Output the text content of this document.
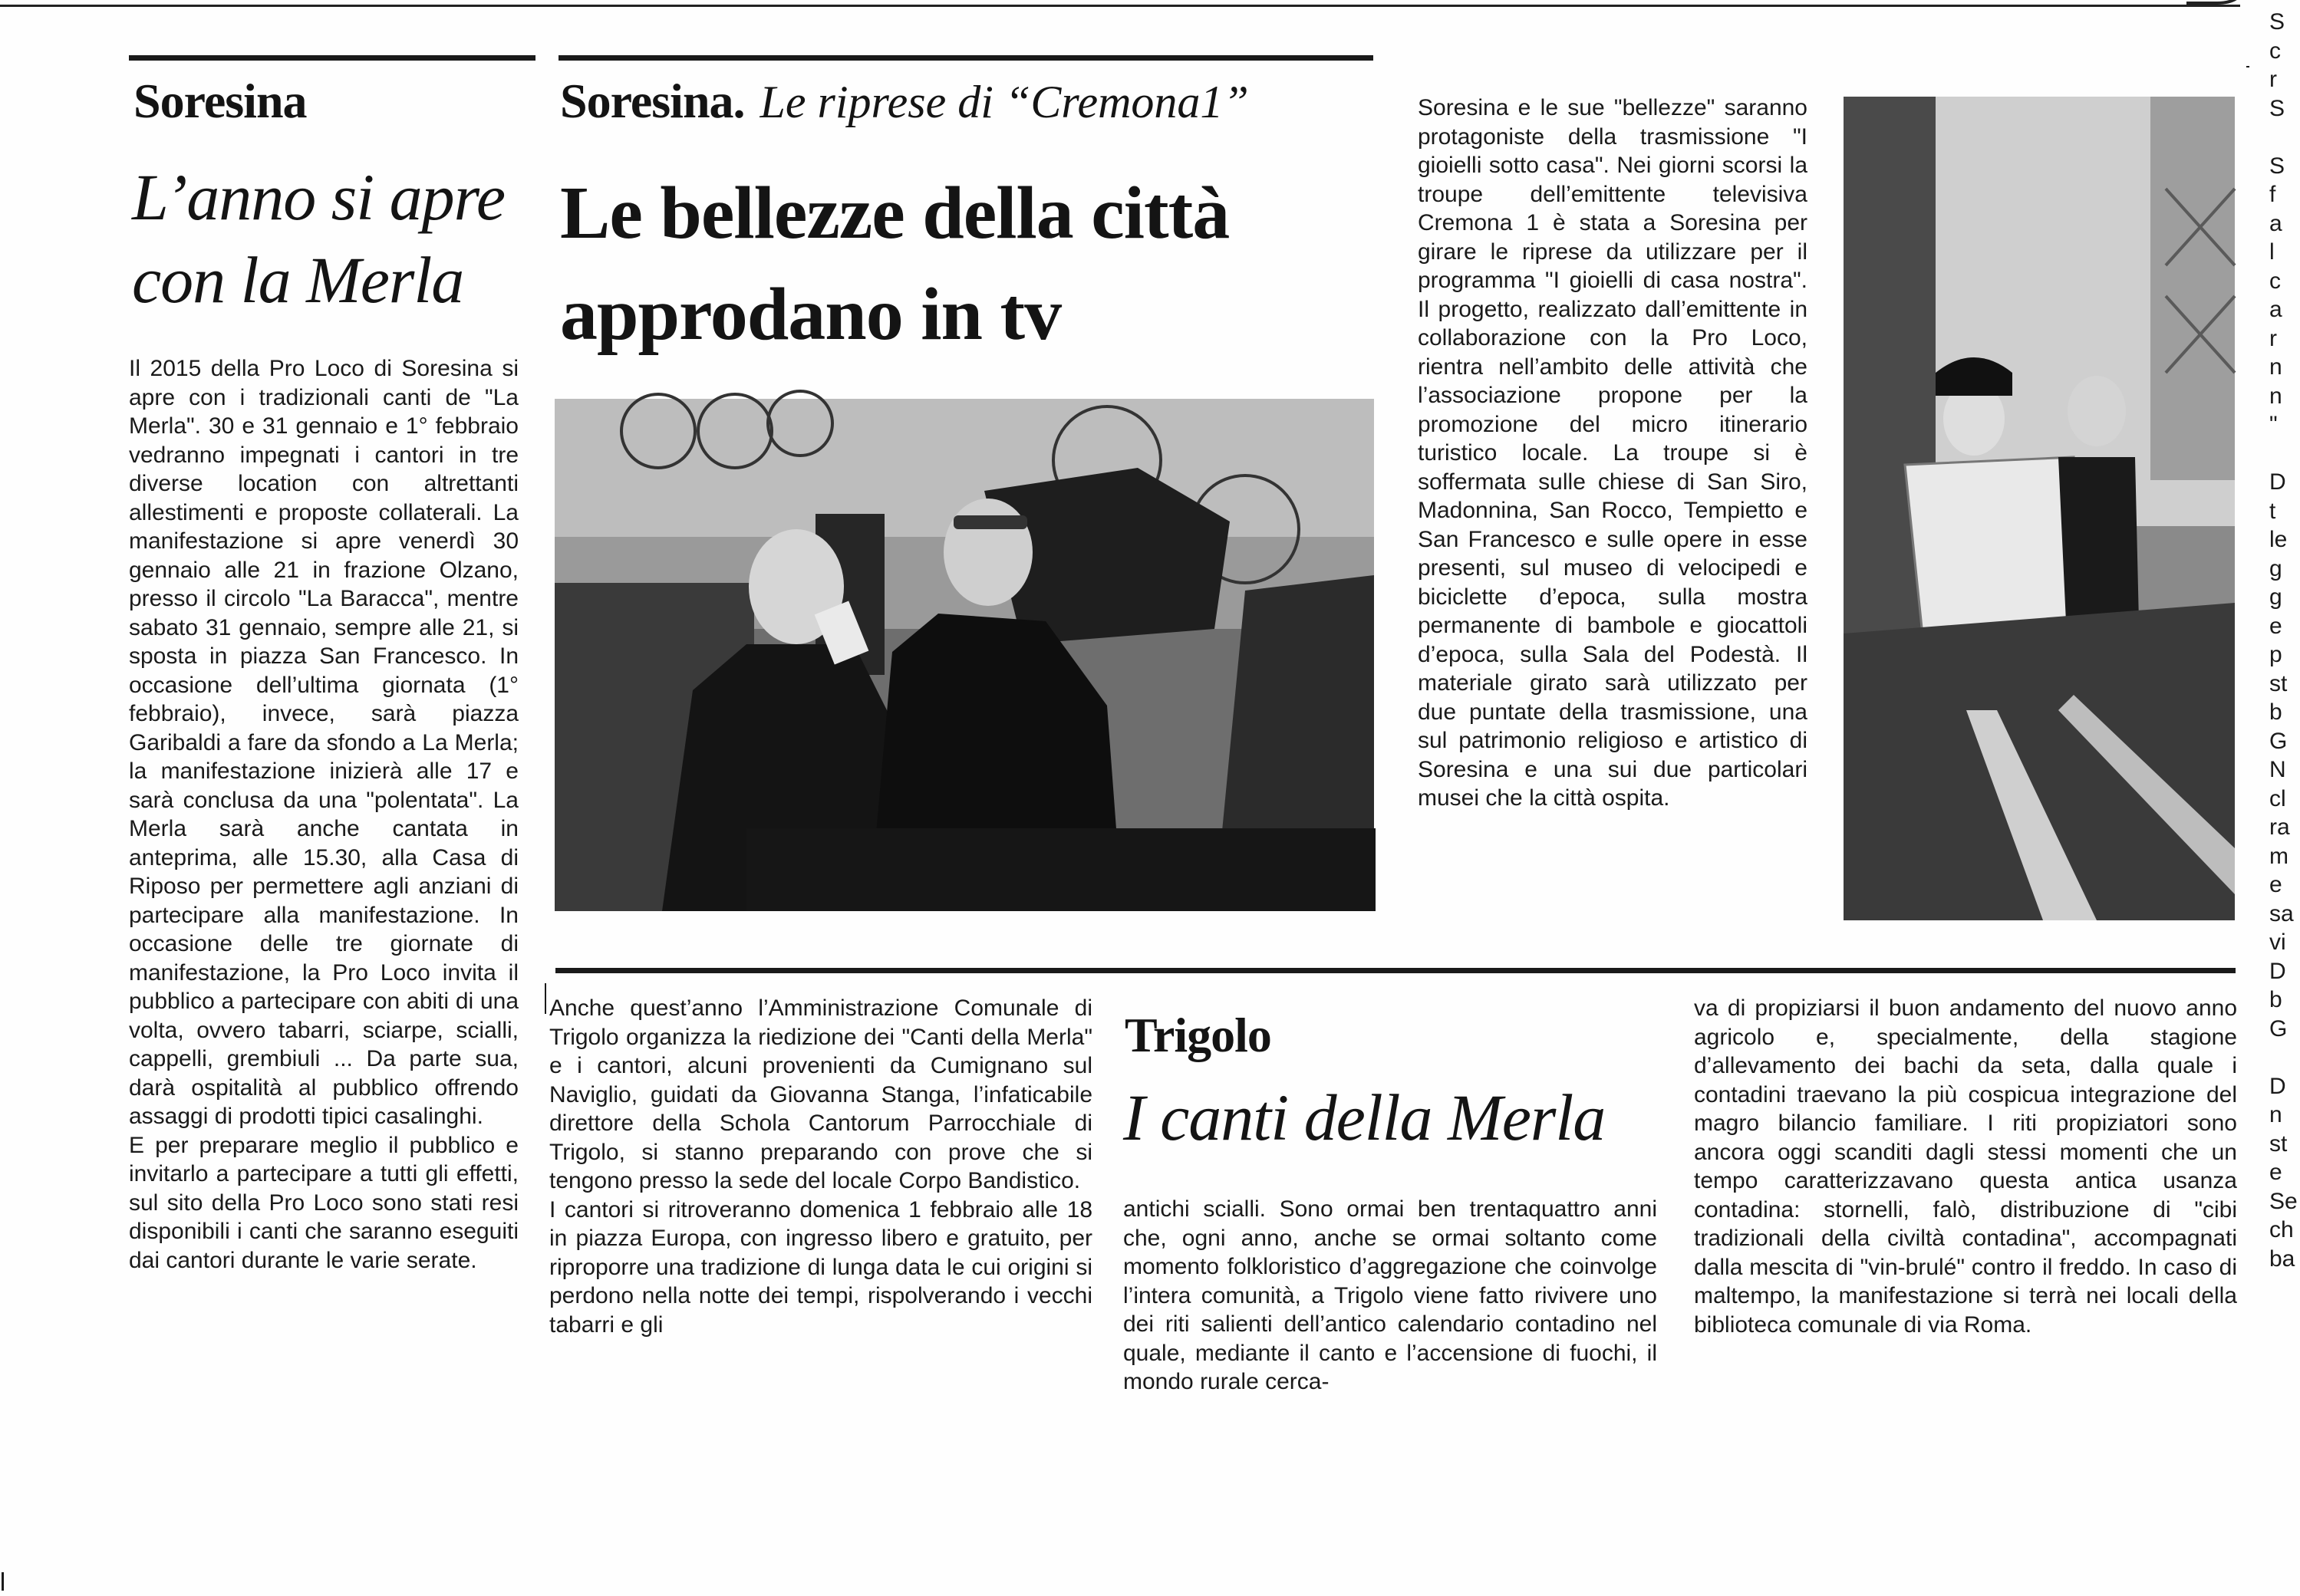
S
c
r
S

S
f
a
l
c
a
r
n
n
"

D
t
le
g
g
e
p
st
b
G
N
cl
ra
m
e
sa
vi
D
b
G

D
n
st
e
Se
ch
ba
Soresina
L’anno si apre
con la Merla
Il 2015 della Pro Loco di Soresina si apre con i tradizionali canti de "La Merla". 30 e 31 gennaio e 1° febbraio vedranno impegnati i cantori in tre diverse location con altrettanti allestimenti e proposte collaterali. La manifestazione si apre venerdì 30 gennaio alle 21 in frazione Olzano, presso il circolo "La Baracca", mentre sabato 31 gennaio, sempre alle 21, si sposta in piazza San Francesco. In occasione dell’ultima giornata (1° febbraio), invece, sarà piazza Garibaldi a fare da sfondo a La Merla; la manifestazione inizierà alle 17 e sarà conclusa da una "polentata". La Merla sarà anche cantata in anteprima, alle 15.30, alla Casa di Riposo per permettere agli anziani di partecipare alla manifestazione. In occasione delle tre giornate di manifestazione, la Pro Loco invita il pubblico a partecipare con abiti di una volta, ovvero tabarri, sciarpe, scialli, cappelli, grembiuli ... Da parte sua, darà ospitalità al pubblico offrendo assaggi di prodotti tipici casalinghi.
E per preparare meglio il pubblico e invitarlo a partecipare a tutti gli effetti, sul sito della Pro Loco sono stati resi disponibili i canti che saranno eseguiti dai cantori durante le varie serate.
Soresina. Le riprese di “Cremona1”
Le bellezze della città
approdano in tv
Soresina e le sue "bellezze" saranno protagoniste della trasmissione "I gioielli sotto casa". Nei giorni scorsi la troupe dell’emittente televisiva Cremona 1 è stata a Soresina per girare le riprese da utilizzare per il programma "I gioielli di casa nostra". Il progetto, realizzato dall’emittente in collaborazione con la Pro Loco, rientra nell’ambito delle attività che l’associazione propone per la promozione del micro itinerario turistico locale. La troupe si è soffermata sulle chiese di San Siro, Madonnina, San Rocco, Tempietto e San Francesco e sulle opere in esse presenti, sul museo di velocipedi e biciclette d’epoca, sulla mostra permanente di bambole e giocattoli d’epoca, sulla Sala del Podestà. Il materiale girato sarà utilizzato per due puntate della trasmissione, una sul patrimonio religioso e artistico di Soresina e una sui due particolari musei che la città ospita.
Anche quest’anno l’Amministrazione Comunale di Trigolo organizza la riedizione dei "Canti della Merla" e i cantori, alcuni provenienti da Cumignano sul Naviglio, guidati da Giovanna Stanga, l’infaticabile direttore della Schola Cantorum Parrocchiale di Trigolo, si stanno preparando con prove che si tengono presso la sede del locale Corpo Bandistico.
I cantori si ritroveranno domenica 1 febbraio alle 18 in piazza Europa, con ingresso libero e gratuito, per riproporre una tradizione di lunga data le cui origini si perdono nella notte dei tempi, rispolverando i vecchi tabarri e gli
Trigolo
I canti della Merla
antichi scialli. Sono ormai ben trentaquattro anni che, ogni anno, anche se ormai soltanto come momento folkloristico d’aggregazione che coinvolge l’intera comunità, a Trigolo viene fatto rivivere uno dei riti salienti dell’antico calendario contadino nel quale, mediante il canto e l’accensione di fuochi, il mondo rurale cerca-
va di propiziarsi il buon andamento del nuovo anno agricolo e, specialmente, della stagione d’allevamento dei bachi da seta, dalla quale i contadini traevano la più cospicua integrazione del magro bilancio familiare. I riti propiziatori sono ancora oggi scanditi dagli stessi momenti che un tempo caratterizzavano questa antica usanza contadina: stornelli, falò, distribuzione di "cibi tradizionali della civiltà contadina", accompagnati dalla mescita di "vin-brulé" contro il freddo. In caso di maltempo, la manifestazione si terrà nei locali della biblioteca comunale di via Roma.
